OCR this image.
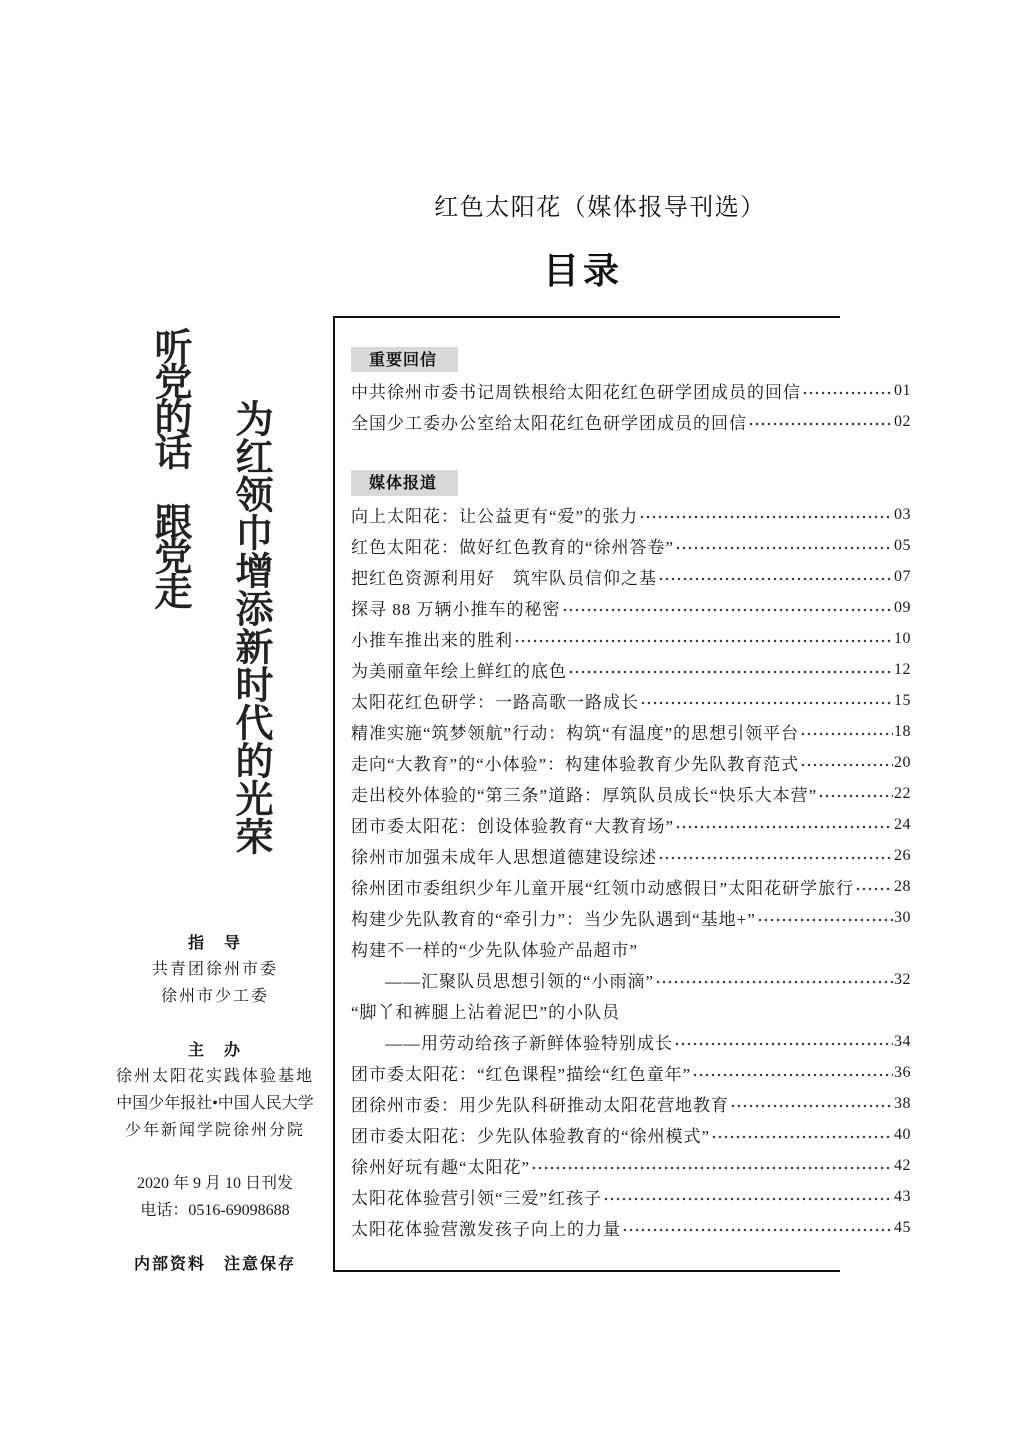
红色太阳花（媒体报导刊选）
目录
听党的话　跟党走 为红领巾增添新时代的光荣
重要回信
中共徐州市委书记周铁根给太阳花红色研学团成员的回信	01
全国少工委办公室给太阳花红色研学团成员的回信	02
媒体报道
向上太阳花：让公益更有“爱”的张力	03
红色太阳花：做好红色教育的“徐州答卷”	05
把红色资源利用好　筑牢队员信仰之基	07
探寻 88 万辆小推车的秘密	09
小推车推出来的胜利	10
为美丽童年绘上鲜红的底色	12
太阳花红色研学：一路高歌一路成长	15
精准实施“筑梦领航”行动：构筑“有温度”的思想引领平台	18
走向“大教育”的“小体验”：构建体验教育少先队教育范式	20
走出校外体验的“第三条”道路：厚筑队员成长“快乐大本营”	22
团市委太阳花：创设体验教育“大教育场”	24
徐州市加强未成年人思想道德建设综述	26
徐州团市委组织少年儿童开展“红领巾动感假日”太阳花研学旅行 28
构建少先队教育的“牵引力”：当少先队遇到“基地+”	30
构建不一样的“少先队体验产品超市”
——汇聚队员思想引领的“小雨滴”	32
“脚丫和裤腿上沾着泥巴”的小队员
——用劳动给孩子新鲜体验特别成长	34
团市委太阳花：“红色课程”描绘“红色童年”	36
团徐州市委：用少先队科研推动太阳花营地教育	38
团市委太阳花：少先队体验教育的“徐州模式”	40
徐州好玩有趣“太阳花”	42
太阳花体验营引领“三爱”红孩子	43
太阳花体验营激发孩子向上的力量	45
指　导
共青团徐州市委
徐州市少工委
主　办
徐州太阳花实践体验基地
中国少年报社•中国人民大学
少年新闻学院徐州分院
2020 年 9 月 10 日刊发
电话：0516-69098688
内部资料　注意保存
